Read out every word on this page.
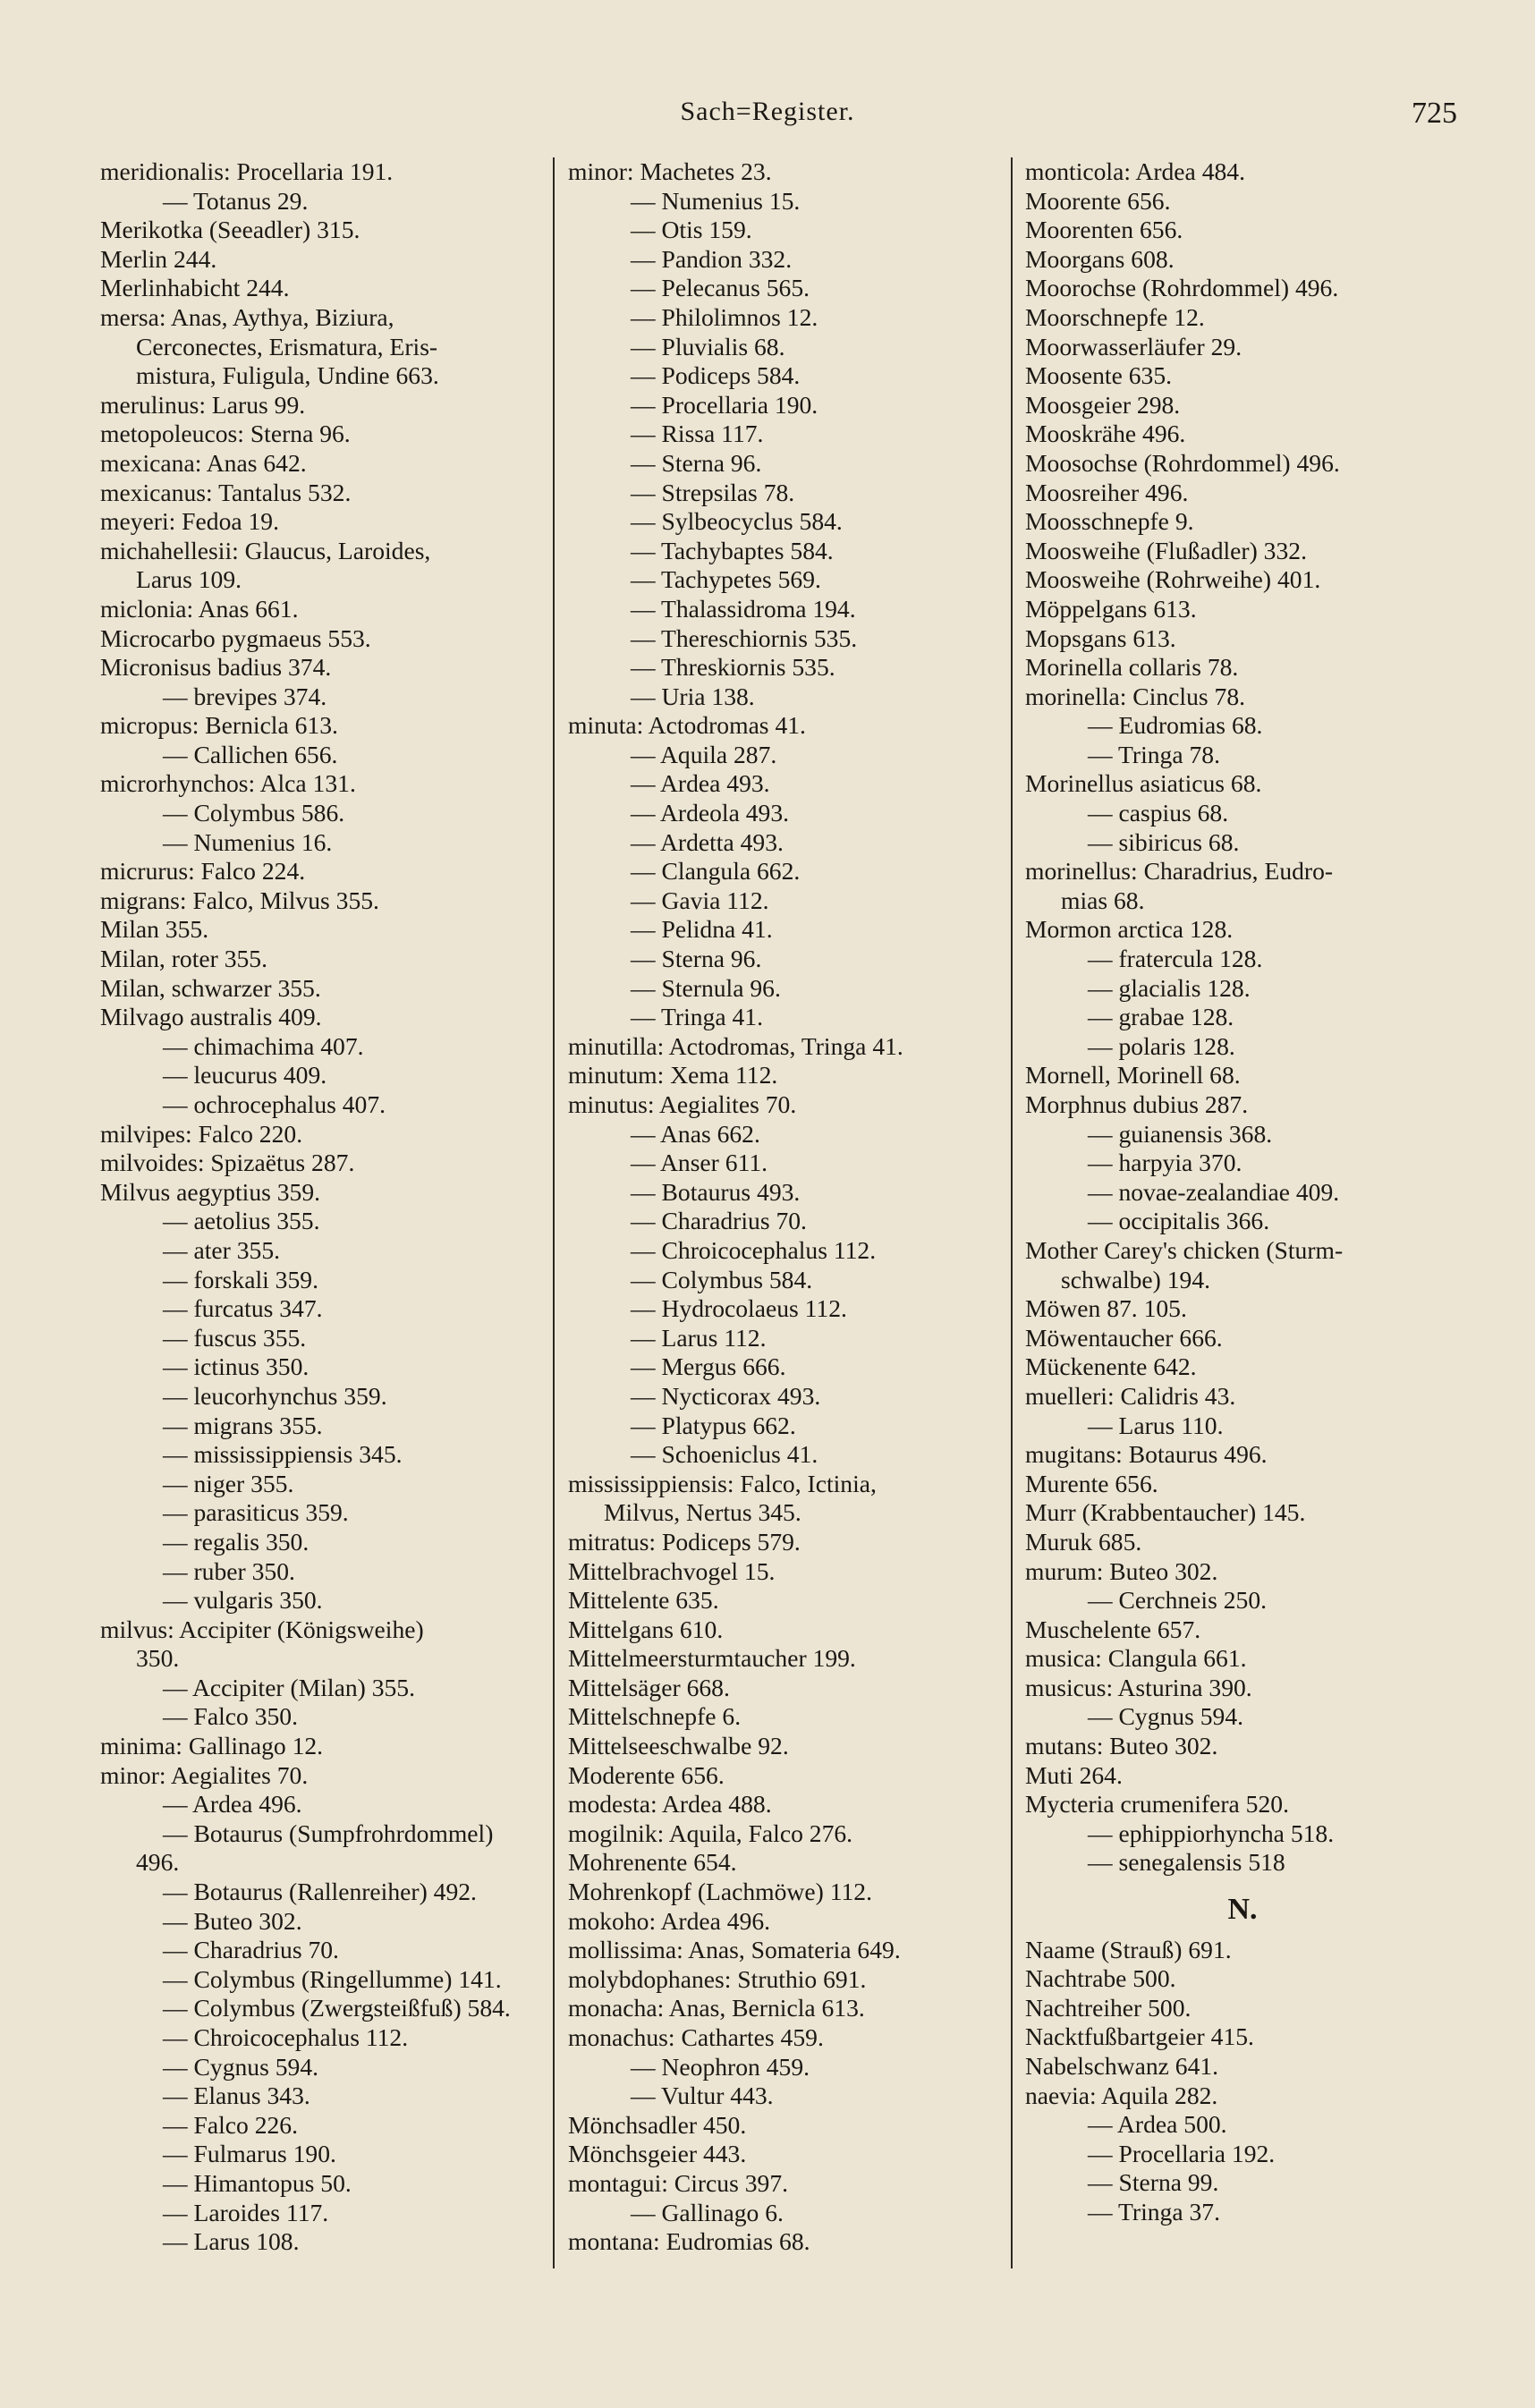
Sach=Register.	725
meridionalis: Procellaria 191.
— Totanus 29.
Merikotka (Seeadler) 315.
Merlin 244.
Merlinhabicht 244.
mersa: Anas, Aythya, Biziura,
Cerconectes, Erismatura, Eris-
mistura, Fuligula, Undine 663.
merulinus: Larus 99.
metopoleucos: Sterna 96.
mexicana: Anas 642.
mexicanus: Tantalus 532.
meyeri: Fedoa 19.
michahellesii: Glaucus, Laroides,
Larus 109.
miclonia: Anas 661.
Microcarbo pygmaeus 553.
Micronisus badius 374.
— brevipes 374.
micropus: Bernicla 613.
— Callichen 656.
microrhynchos: Alca 131.
— Colymbus 586.
— Numenius 16.
micrurus: Falco 224.
migrans: Falco, Milvus 355.
Milan 355.
Milan, roter 355.
Milan, schwarzer 355.
Milvago australis 409.
— chimachima 407.
— leucurus 409.
— ochrocephalus 407.
milvipes: Falco 220.
milvoides: Spizaëtus 287.
Milvus aegyptius 359.
— aetolius 355.
— ater 355.
— forskali 359.
— furcatus 347.
— fuscus 355.
— ictinus 350.
— leucorhynchus 359.
— migrans 355.
— mississippiensis 345.
— niger 355.
— parasiticus 359.
— regalis 350.
— ruber 350.
— vulgaris 350.
milvus: Accipiter (Königsweihe)
350.
— Accipiter (Milan) 355.
— Falco 350.
minima: Gallinago 12.
minor: Aegialites 70.
— Ardea 496.
— Botaurus (Sumpfrohrdommel)
496.
— Botaurus (Rallenreiher) 492.
— Buteo 302.
— Charadrius 70.
— Colymbus (Ringellumme) 141.
— Colymbus (Zwergsteißfuß) 584.
— Chroicocephalus 112.
— Cygnus 594.
— Elanus 343.
— Falco 226.
— Fulmarus 190.
— Himantopus 50.
— Laroides 117.
— Larus 108.
minor: Machetes 23.
— Numenius 15.
— Otis 159.
— Pandion 332.
— Pelecanus 565.
— Philolimnos 12.
— Pluvialis 68.
— Podiceps 584.
— Procellaria 190.
— Rissa 117.
— Sterna 96.
— Strepsilas 78.
— Sylbeocyclus 584.
— Tachybaptes 584.
— Tachypetes 569.
— Thalassidroma 194.
— Thereschiornis 535.
— Threskiornis 535.
— Uria 138.
minuta: Actodromas 41.
— Aquila 287.
— Ardea 493.
— Ardeola 493.
— Ardetta 493.
— Clangula 662.
— Gavia 112.
— Pelidna 41.
— Sterna 96.
— Sternula 96.
— Tringa 41.
minutilla: Actodromas, Tringa 41.
minutum: Xema 112.
minutus: Aegialites 70.
— Anas 662.
— Anser 611.
— Botaurus 493.
— Charadrius 70.
— Chroicocephalus 112.
— Colymbus 584.
— Hydrocolaeus 112.
— Larus 112.
— Mergus 666.
— Nycticorax 493.
— Platypus 662.
— Schoeniclus 41.
mississippiensis: Falco, Ictinia,
Milvus, Nertus 345.
mitratus: Podiceps 579.
Mittelbrachvogel 15.
Mittelente 635.
Mittelgans 610.
Mittelmeersturmtaucher 199.
Mittelsäger 668.
Mittelschnepfe 6.
Mittelseeschwalbe 92.
Moderente 656.
modesta: Ardea 488.
mogilnik: Aquila, Falco 276.
Mohrenente 654.
Mohrenkopf (Lachmöwe) 112.
mokoho: Ardea 496.
mollissima: Anas, Somateria 649.
molybdophanes: Struthio 691.
monacha: Anas, Bernicla 613.
monachus: Cathartes 459.
— Neophron 459.
— Vultur 443.
Mönchsadler 450.
Mönchsgeier 443.
montagui: Circus 397.
— Gallinago 6.
montana: Eudromias 68.
monticola: Ardea 484.
Moorente 656.
Moorenten 656.
Moorgans 608.
Moorochse (Rohrdommel) 496.
Moorschnepfe 12.
Moorwasserläufer 29.
Moosente 635.
Moosgeier 298.
Mooskrähe 496.
Moosochse (Rohrdommel) 496.
Moosreiher 496.
Moosschnepfe 9.
Moosweihe (Flußadler) 332.
Moosweihe (Rohrweihe) 401.
Möppelgans 613.
Mopsgans 613.
Morinella collaris 78.
morinella: Cinclus 78.
— Eudromias 68.
— Tringa 78.
Morinellus asiaticus 68.
— caspius 68.
— sibiricus 68.
morinellus: Charadrius, Eudro-
mias 68.
Mormon arctica 128.
— fratercula 128.
— glacialis 128.
— grabae 128.
— polaris 128.
Mornell, Morinell 68.
Morphnus dubius 287.
— guianensis 368.
— harpyia 370.
— novae-zealandiae 409.
— occipitalis 366.
Mother Carey's chicken (Sturm-
schwalbe) 194.
Möwen 87. 105.
Möwentaucher 666.
Mückenente 642.
muelleri: Calidris 43.
— Larus 110.
mugitans: Botaurus 496.
Murente 656.
Murr (Krabbentaucher) 145.
Muruk 685.
murum: Buteo 302.
— Cerchneis 250.
Muschelente 657.
musica: Clangula 661.
musicus: Asturina 390.
— Cygnus 594.
mutans: Buteo 302.
Muti 264.
Mycteria crumenifera 520.
— ephippiorhyncha 518.
— senegalensis 518
N.
Naame (Strauß) 691.
Nachtrabe 500.
Nachtreiher 500.
Nacktfußbartgeier 415.
Nabelschwanz 641.
naevia: Aquila 282.
— Ardea 500.
— Procellaria 192.
— Sterna 99.
— Tringa 37.
